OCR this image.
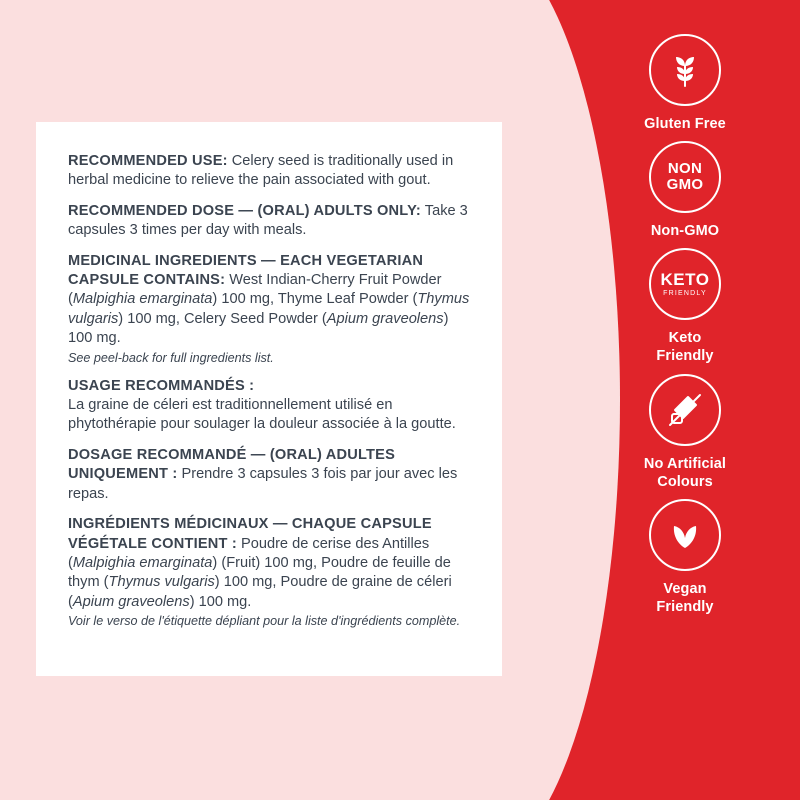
Gluten Free
NON
GMO
Non-GMO
KETO
FRIENDLY
Keto
Friendly
No Artificial
Colours
Vegan
Friendly
RECOMMENDED USE: Celery seed is traditionally used in herbal medicine to relieve the pain associated with gout.
RECOMMENDED DOSE — (ORAL) ADULTS ONLY: Take 3 capsules 3 times per day with meals.
MEDICINAL INGREDIENTS — EACH VEGETARIAN CAPSULE CONTAINS: West Indian-Cherry Fruit Powder (Malpighia emarginata) 100 mg, Thyme Leaf Powder (Thymus vulgaris) 100 mg, Celery Seed Powder (Apium graveolens) 100 mg.
See peel-back for full ingredients list.
USAGE RECOMMANDÉS :
La graine de céleri est traditionnellement utilisé en phytothérapie pour soulager la douleur associée à la goutte.
DOSAGE RECOMMANDÉ — (ORAL) ADULTES UNIQUEMENT : Prendre 3 capsules 3 fois par jour avec les repas.
INGRÉDIENTS MÉDICINAUX — CHAQUE CAPSULE VÉGÉTALE CONTIENT : Poudre de cerise des Antilles (Malpighia emarginata) (Fruit) 100 mg, Poudre de feuille de thym (Thymus vulgaris) 100 mg, Poudre de graine de céleri (Apium graveolens) 100 mg.
Voir le verso de l'étiquette dépliant pour la liste d'ingrédients complète.
